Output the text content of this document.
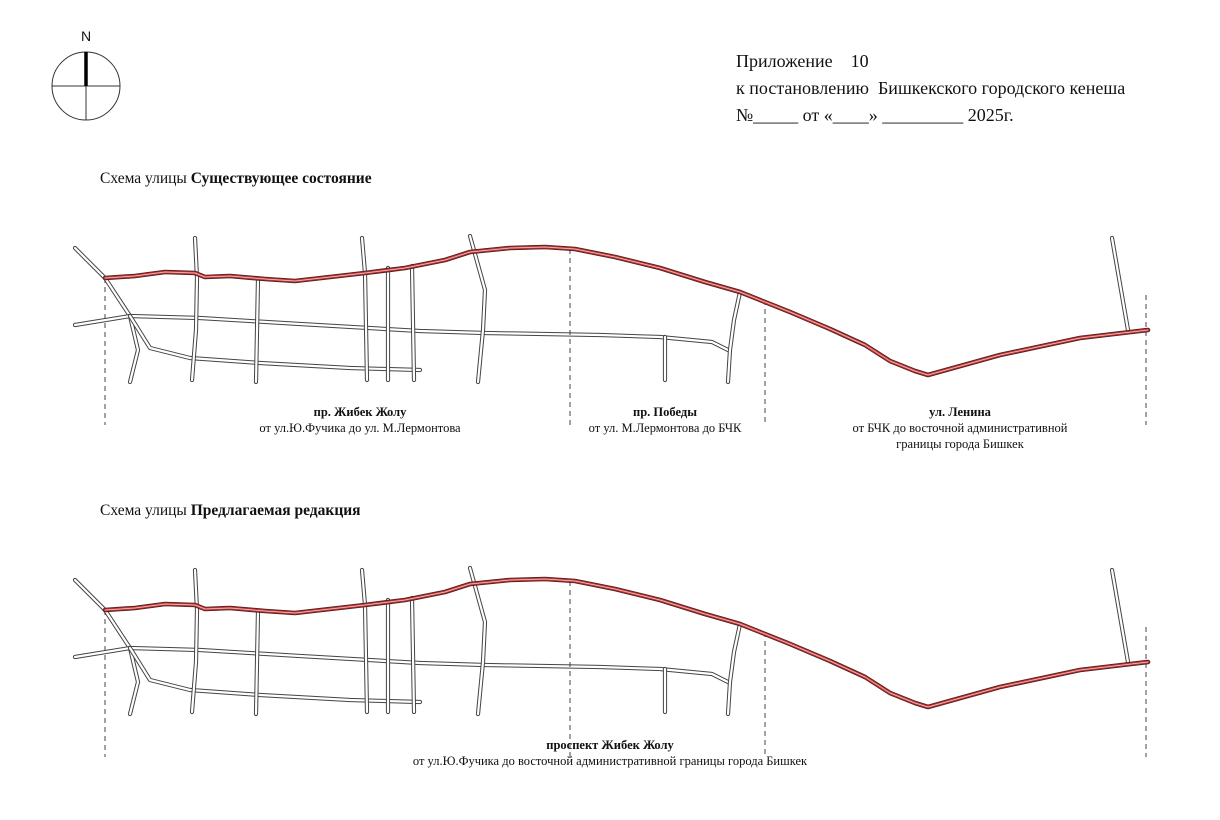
N
Приложение    10
к постановлению  Бишкекского городского кенеша
№_____ от «____» _________ 2025г.
Схема улицы Существующее состояние
пр. Жибек Жолу
от ул.Ю.Фучика до ул. М.Лермонтова
пр. Победы
от ул. М.Лермонтова до БЧК
ул. Ленина
от БЧК до восточной административной
границы города Бишкек
Схема улицы Предлагаемая редакция
проспект Жибек Жолу
от ул.Ю.Фучика до восточной административной границы города Бишкек
